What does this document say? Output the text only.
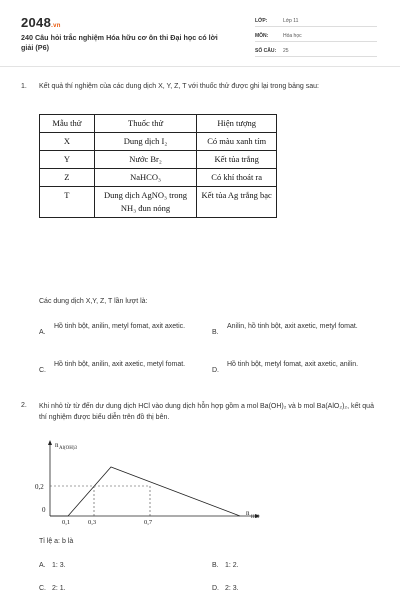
2048.vn
240 Câu hỏi trắc nghiệm Hóa hữu cơ ôn thi Đại học có lời giải (P6)
LỚP:	Lớp 11
MÔN:	Hóa học
SỐ CÂU: 25
1. Kết quả thí nghiệm của các dung dịch X, Y, Z, T với thuốc thử được ghi lại trong bảng sau:
Mẫu thử	Thuốc thử	Hiện tượng
X	Dung dịch I₂	Có màu xanh tím
Y	Nước Br₂	Kết tủa trắng
Z	NaHCO₃	Có khí thoát ra
T	Dung dịch AgNO₃ trong NH₃ đun nóng	Kết tủa Ag trắng bạc
Các dung dịch X,Y, Z, T lần lượt là:
A.
Hồ tinh bột, anilin, metyl fomat, axit axetic.
B.
Anilin, hồ tinh bột, axit axetic, metyl fomat.
C.
Hồ tinh bột, anilin, axit axetic, metyl fomat.
D.
Hồ tinh bột, metyl fomat, axit axetic, anilin.
2. Khi nhỏ từ từ đến dư dung dịch HCl vào dung dịch hỗn hợp gồm a mol Ba(OH)₂ và b mol Ba(AlO₂)₂, kết quả thí nghiệm được biểu diễn trên đồ thị bên.
n Al(OH)3
0,2
0
0,1	0,3	0,7
n
HCl
Tỉ lệ a: b là
A. 1: 3.	B. 1: 2.
C. 2: 1.	D. 2: 3.
